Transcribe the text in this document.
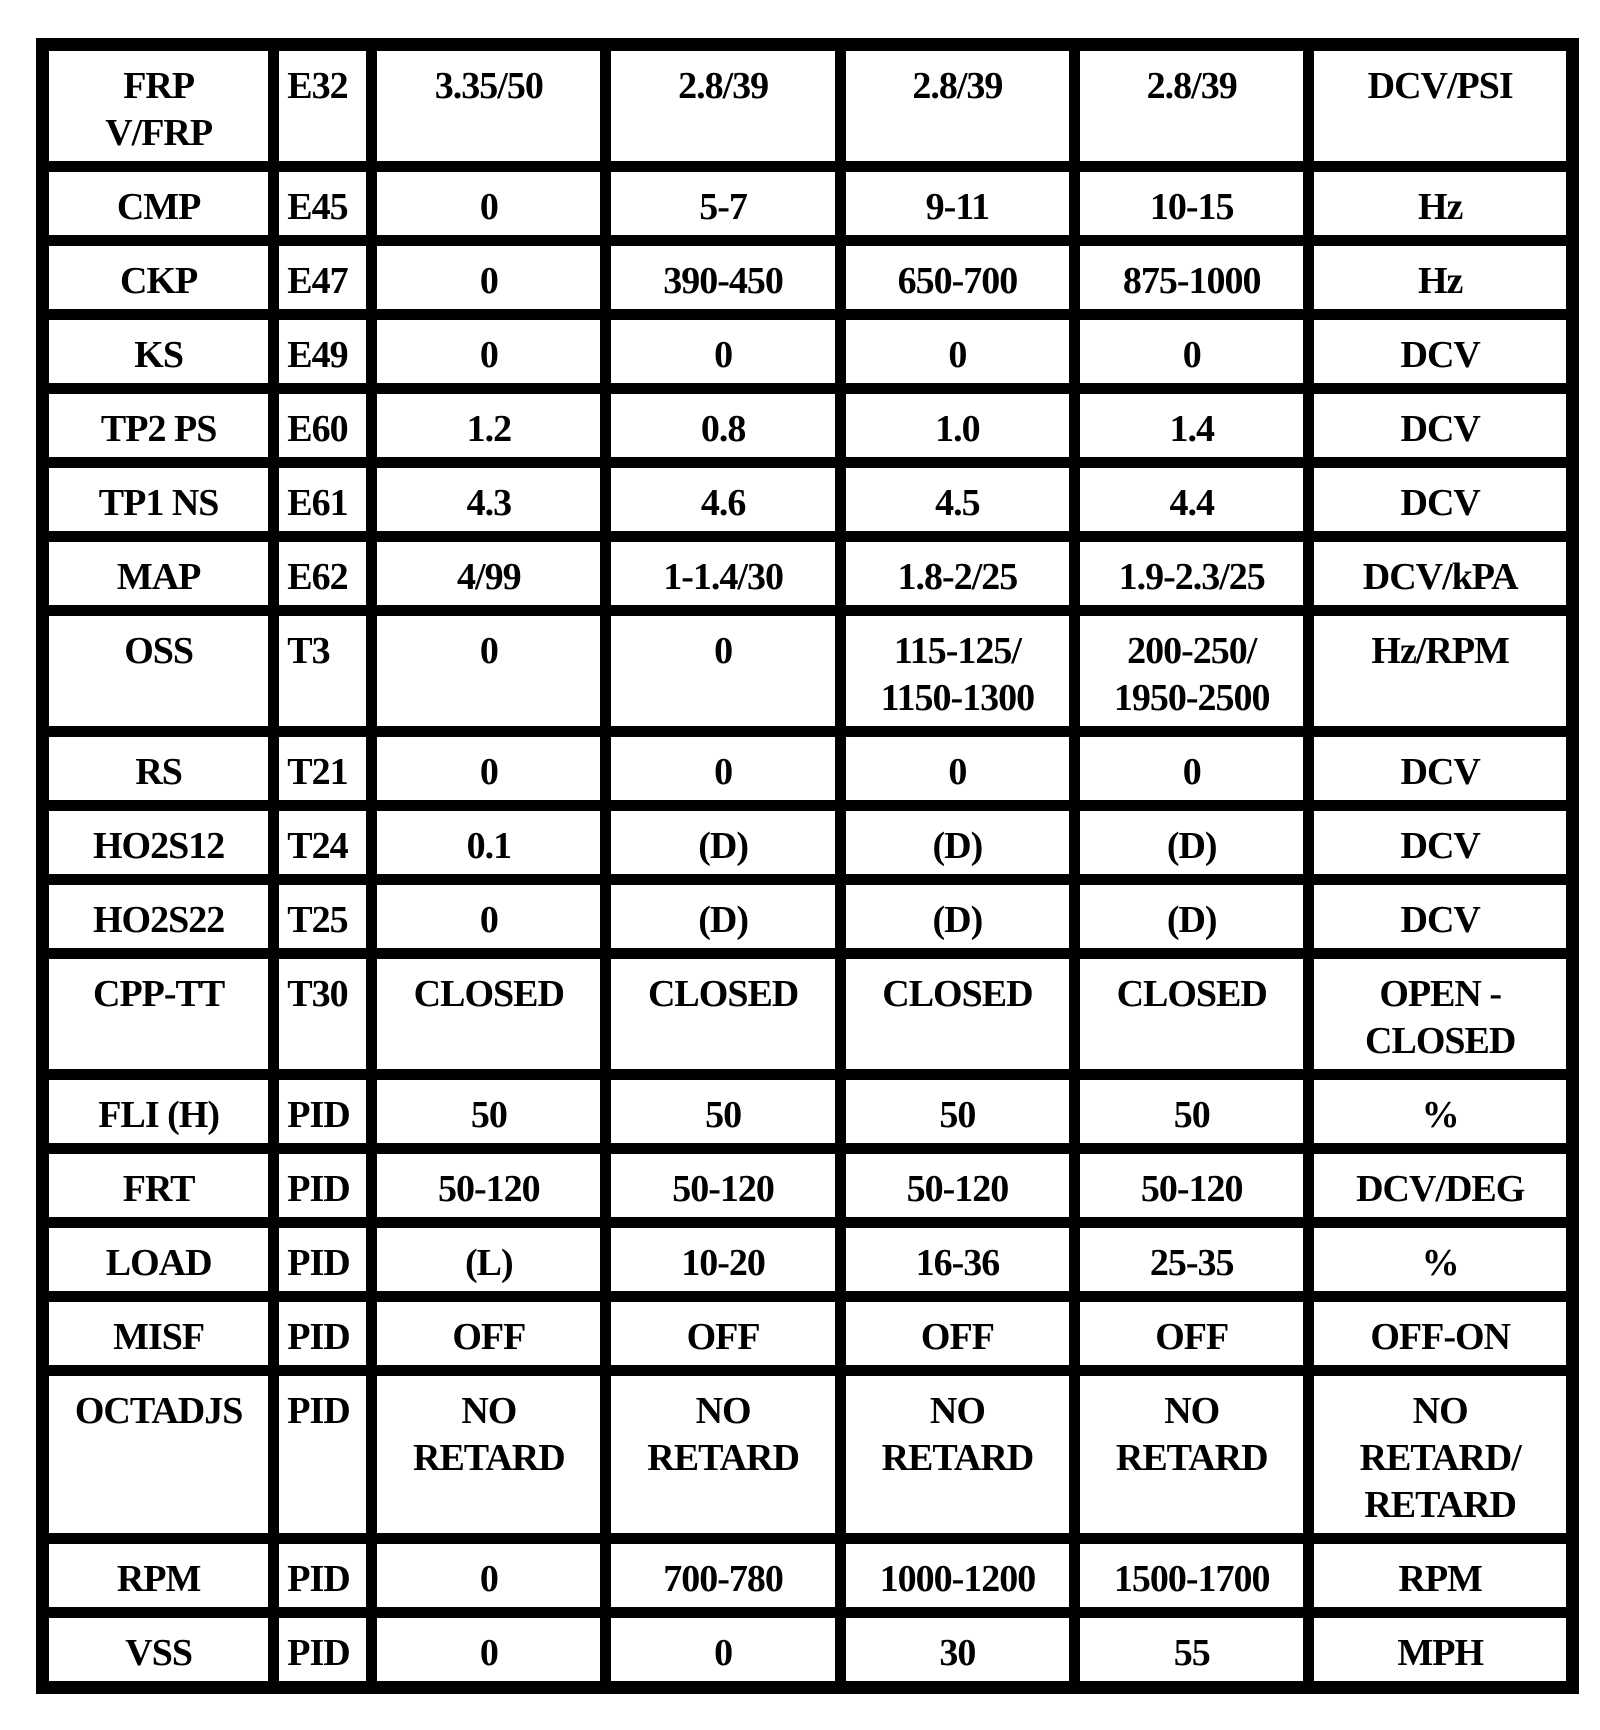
FRP
V/FRP	E32	3.35/50	2.8/39	2.8/39	2.8/39	DCV/PSI
CMP	E45	0	5-7	9-11	10-15	Hz
CKP	E47	0	390-450	650-700	875-1000	Hz
KS	E49	0	0	0	0	DCV
TP2 PS	E60	1.2	0.8	1.0	1.4	DCV
TP1 NS	E61	4.3	4.6	4.5	4.4	DCV
MAP	E62	4/99	1-1.4/30	1.8-2/25	1.9-2.3/25	DCV/kPA
OSS	T3	0	0	115-125/
1150-1300	200-250/
1950-2500	Hz/RPM
RS	T21	0	0	0	0	DCV
HO2S12	T24	0.1	(D)	(D)	(D)	DCV
HO2S22	T25	0	(D)	(D)	(D)	DCV
CPP-TT	T30	CLOSED	CLOSED	CLOSED	CLOSED	OPEN -
CLOSED
FLI (H)	PID	50	50	50	50	%
FRT	PID	50-120	50-120	50-120	50-120	DCV/DEG
LOAD	PID	(L)	10-20	16-36	25-35	%
MISF	PID	OFF	OFF	OFF	OFF	OFF-ON
OCTADJS	PID	NO
RETARD	NO
RETARD	NO
RETARD	NO
RETARD	NO
RETARD/
RETARD
RPM	PID	0	700-780	1000-1200	1500-1700	RPM
VSS	PID	0	0	30	55	MPH
